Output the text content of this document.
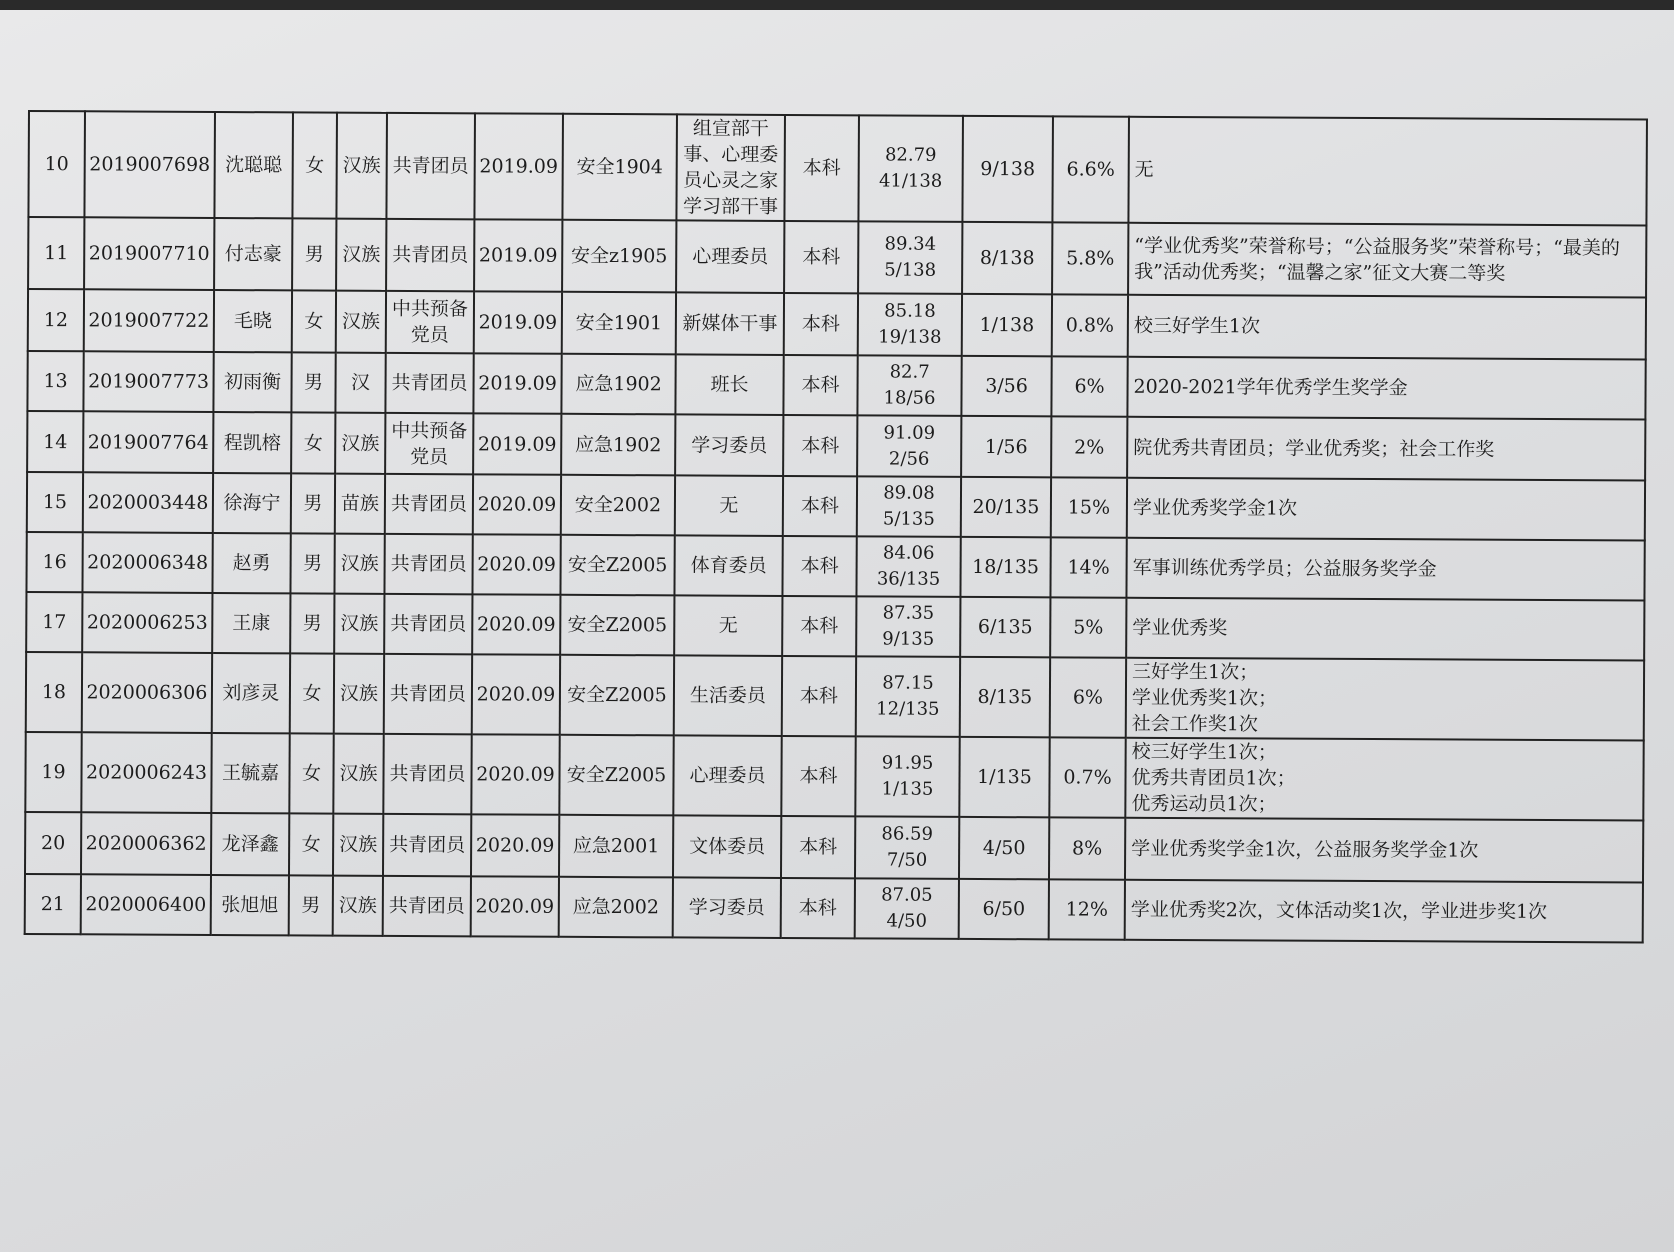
10	2019007698	沈聪聪	女	汉族	共青团员	2019.09	安全1904	组宣部干事、心理委员心灵之家学习部干事	本科	82.79
41/138	9/138	6.6%	无

11	2019007710	付志豪	男	汉族	共青团员	2019.09	安全z1905	心理委员	本科	89.34
5/138	8/138	5.8%	“学业优秀奖”荣誉称号；“公益服务奖”荣誉称号；“最美的我”活动优秀奖；“温馨之家”征文大赛二等奖

12	2019007722	毛晓	女	汉族	中共预备党员	2019.09	安全1901	新媒体干事	本科	85.18
19/138	1/138	0.8%	校三好学生1次

13	2019007773	初雨衡	男	汉	共青团员	2019.09	应急1902	班长	本科	82.7
18/56	3/56	6%	2020-2021学年优秀学生奖学金

14	2019007764	程凯榕	女	汉族	中共预备党员	2019.09	应急1902	学习委员	本科	91.09
2/56	1/56	2%	院优秀共青团员；学业优秀奖；社会工作奖

15	2020003448	徐海宁	男	苗族	共青团员	2020.09	安全2002	无	本科	89.08
5/135	20/135	15%	学业优秀奖学金1次

16	2020006348	赵勇	男	汉族	共青团员	2020.09	安全Z2005	体育委员	本科	84.06
36/135	18/135	14%	军事训练优秀学员；公益服务奖学金

17	2020006253	王康	男	汉族	共青团员	2020.09	安全Z2005	无	本科	87.35
9/135	6/135	5%	学业优秀奖

18	2020006306	刘彦灵	女	汉族	共青团员	2020.09	安全Z2005	生活委员	本科	87.15
12/135	8/135	6%	三好学生1次；
学业优秀奖1次；
社会工作奖1次

19	2020006243	王毓嘉	女	汉族	共青团员	2020.09	安全Z2005	心理委员	本科	91.95
1/135	1/135	0.7%	校三好学生1次；
优秀共青团员1次；
优秀运动员1次；

20	2020006362	龙泽鑫	女	汉族	共青团员	2020.09	应急2001	文体委员	本科	86.59
7/50	4/50	8%	学业优秀奖学金1次，公益服务奖学金1次

21	2020006400	张旭旭	男	汉族	共青团员	2020.09	应急2002	学习委员	本科	87.05
4/50	6/50	12%	学业优秀奖2次，文体活动奖1次，学业进步奖1次
